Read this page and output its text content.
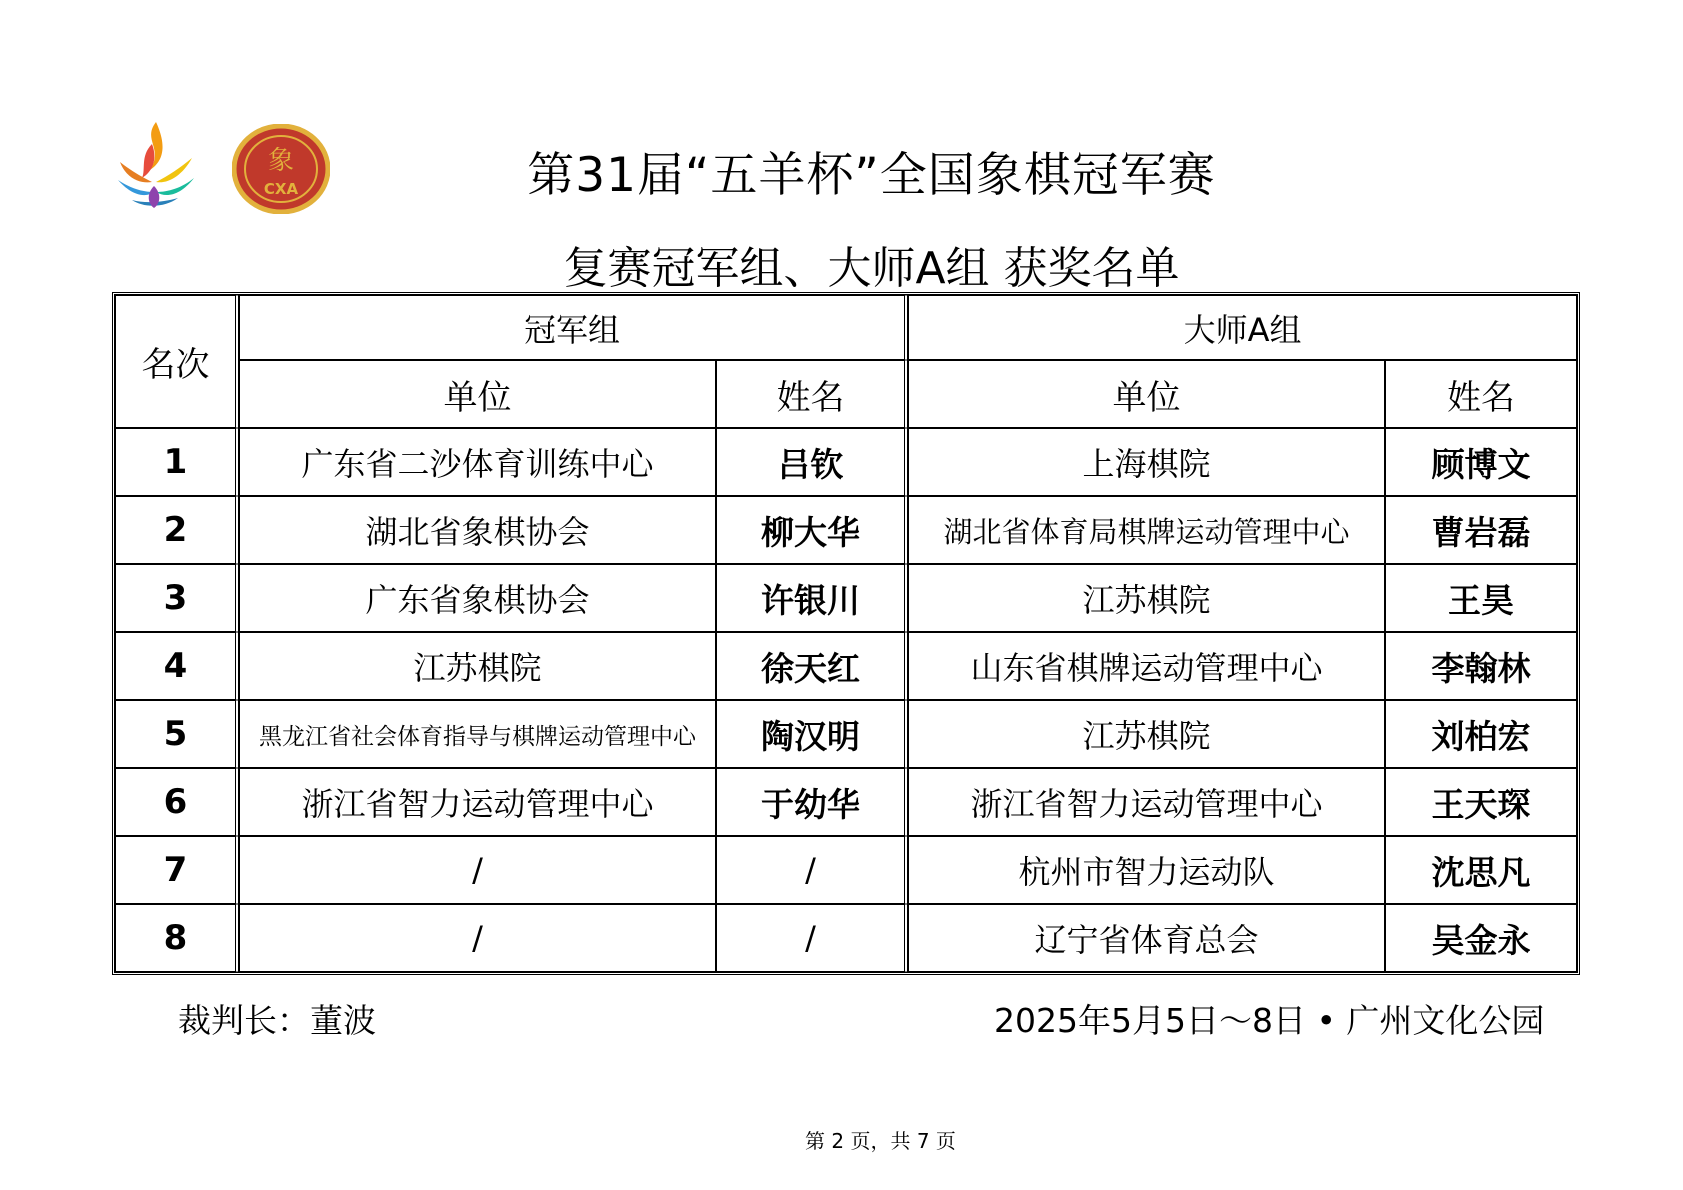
象
CXA	第31届“五羊杯”全国象棋冠军赛
复赛冠军组、大师A组 获奖名单
名次	冠军组		大师A组	
	单位	姓名	单位	姓名
1	广东省二沙体育训练中心	吕钦	上海棋院	顾博文
2	湖北省象棋协会	柳大华	湖北省体育局棋牌运动管理中心	曹岩磊
3	广东省象棋协会	许银川	江苏棋院	王昊
4	江苏棋院	徐天红	山东省棋牌运动管理中心	李翰林
5	黑龙江省社会体育指导与棋牌运动管理中心	陶汉明	江苏棋院	刘柏宏
6	浙江省智力运动管理中心	于幼华	浙江省智力运动管理中心	王天琛
7	/	/	杭州市智力运动队	沈思凡
8	/	/	辽宁省体育总会	吴金永
裁判长：董波	2025年5月5日～8日 • 广州文化公园
第 2 页，共 7 页
